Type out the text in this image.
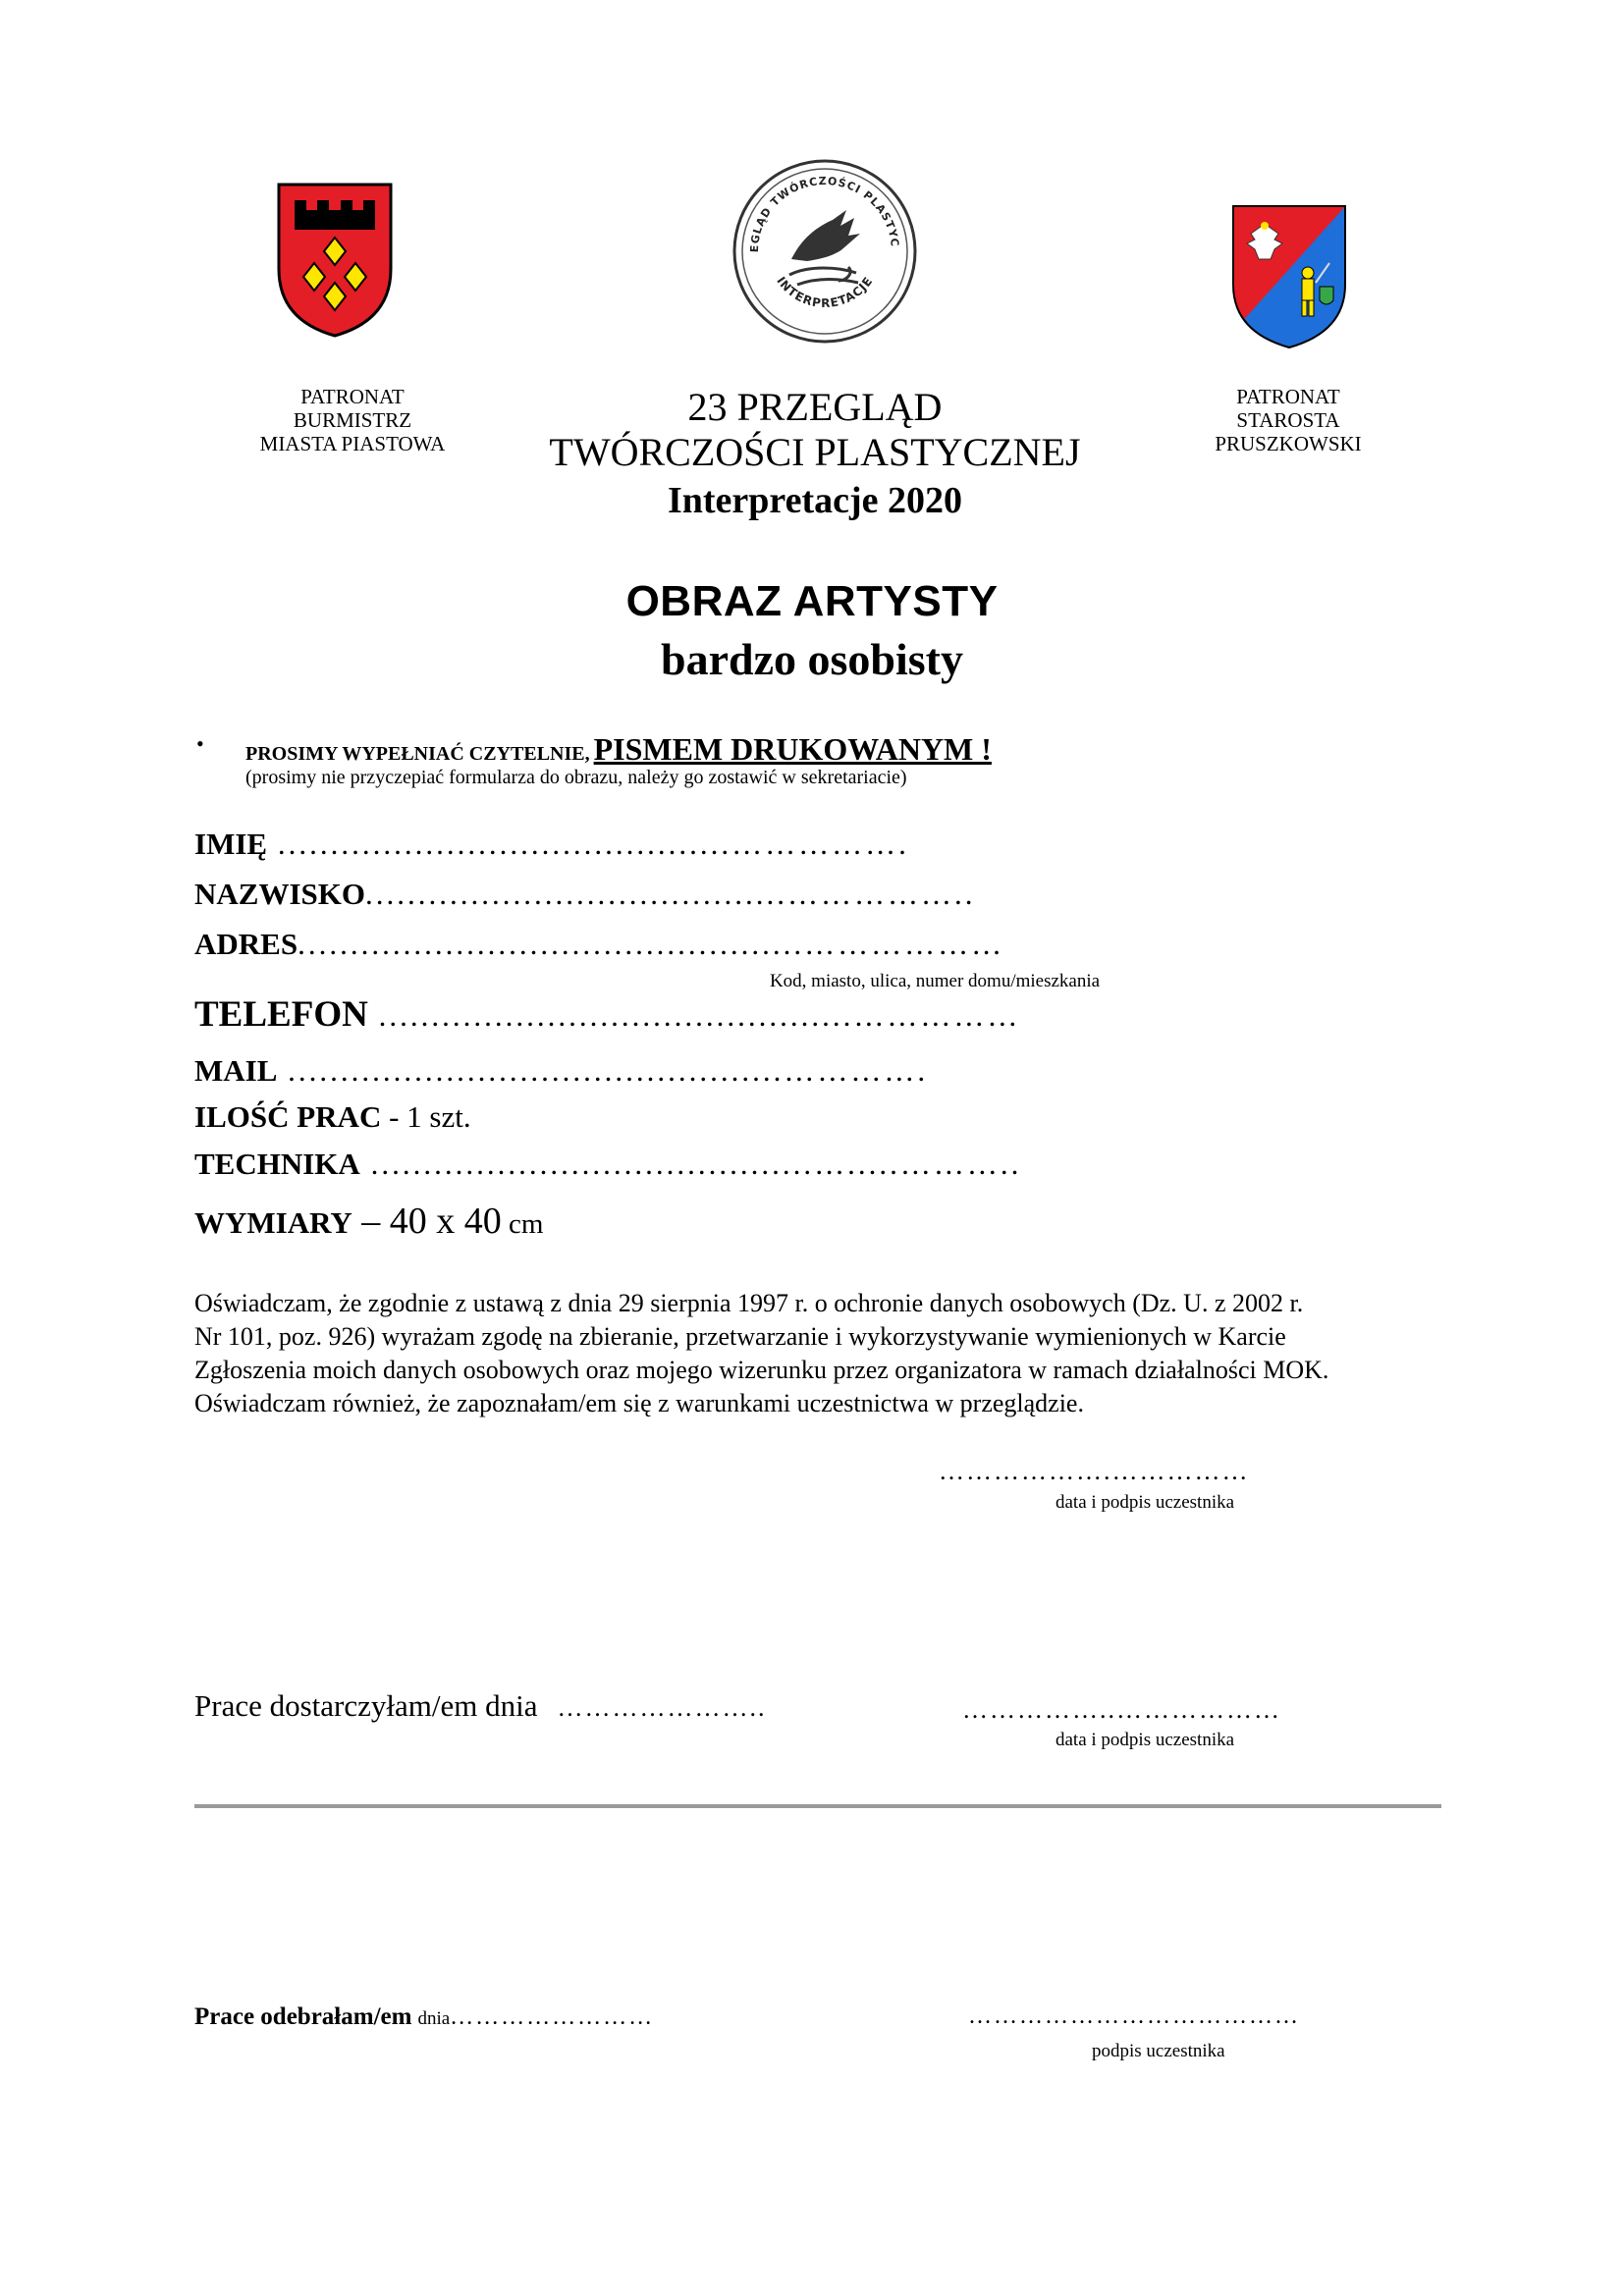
EGLĄD TWÓRCZOŚCI PLASTYC
INTERPRETACJE
PATRONAT
BURMISTRZ
MIASTA PIASTOWA
PATRONAT
STAROSTA
PRUSZKOWSKI
23 PRZEGLĄD
TWÓRCZOŚCI PLASTYCZNEJ
Interpretacje 2020
OBRAZ ARTYSTY
bardzo osobisty
• PROSIMY WYPEŁNIAĆ CZYTELNIE, PISMEM DRUKOWANYM !
(prosimy nie przyczepiać formularza do obrazu, należy go zostawić w sekretariacie)
IMIĘ ...........................................…………….
NAZWISKO........................................……………..
ADRES................................................………………
Kod, miasto, ulica, numer domu/mieszkania
TELEFON .............................................……………
MAIL ...............................................………….
ILOŚĆ PRAC - 1 szt.
TECHNIKA ..........................................….....………..
WYMIARY – 40 x 40 cm

Oświadczam, że zgodnie z ustawą z dnia 29 sierpnia 1997 r. o ochronie danych osobowych (Dz. U. z 2002 r.

Nr 101, poz. 926) wyrażam zgodę na zbieranie, przetwarzanie i wykorzystywanie wymienionych w Karcie

Zgłoszenia moich danych osobowych oraz mojego wizerunku przez organizatora w ramach działalności MOK.

Oświadczam również, że zapoznałam/em się z warunkami uczestnictwa w przeglądzie.

……………….……………
data i podpis uczestnika
Prace dostarczyłam/em dnia …………………..	……………..………………
data i podpis uczestnika
Prace odebrałam/em dnia……………………	…………………………………
podpis uczestnika
